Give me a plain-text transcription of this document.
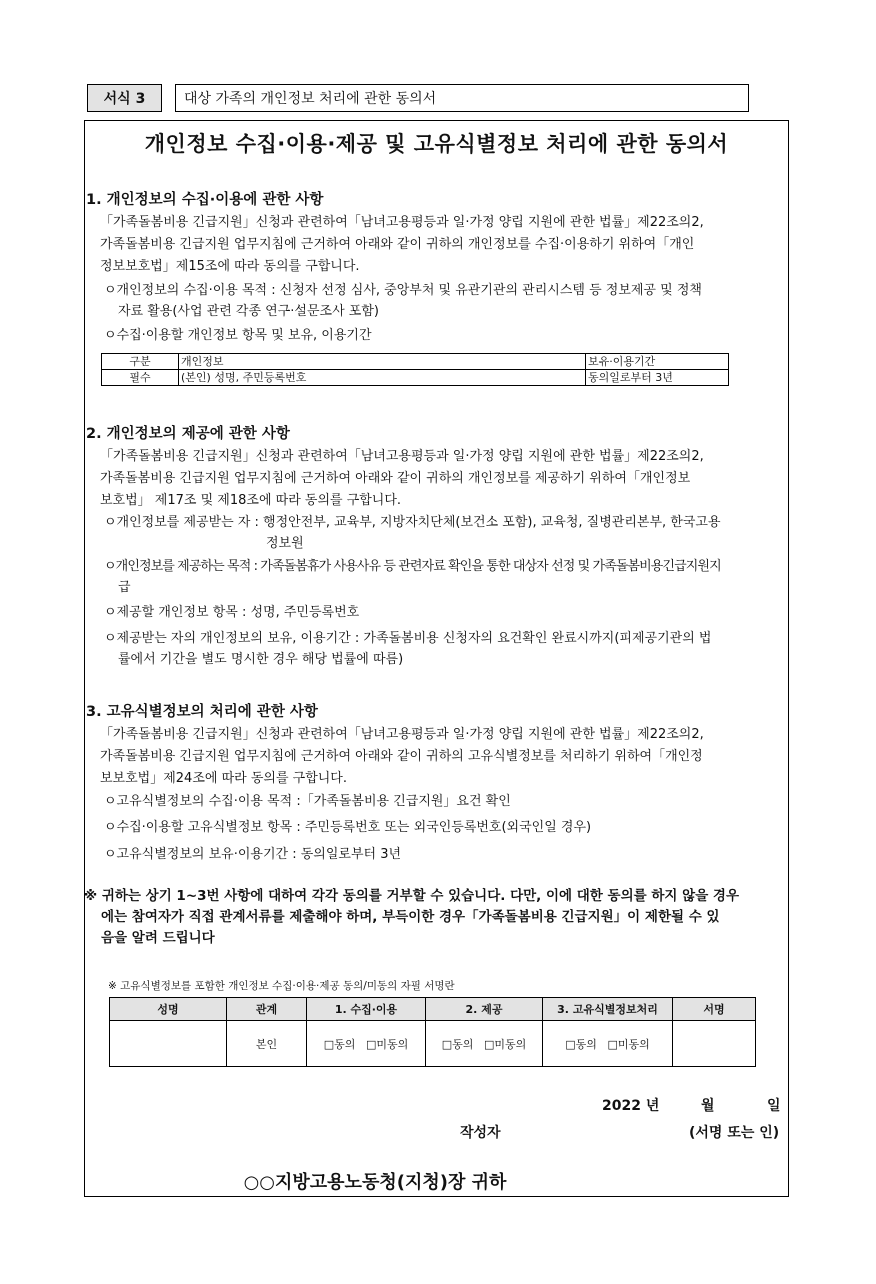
서식 3	대상 가족의 개인정보 처리에 관한 동의서
개인정보 수집·이용·제공 및 고유식별정보 처리에 관한 동의서
1. 개인정보의 수집·이용에 관한 사항
「가족돌봄비용 긴급지원」신청과 관련하여「남녀고용평등과 일·가정 양립 지원에 관한 법률」제22조의2,
가족돌봄비용 긴급지원 업무지침에 근거하여 아래와 같이 귀하의 개인정보를 수집·이용하기 위하여「개인
정보보호법」제15조에 따라 동의를 구합니다.
ㅇ개인정보의 수집·이용 목적 : 신청자 선정 심사, 중앙부처 및 유관기관의 관리시스템 등 정보제공 및 정책
자료 활용(사업 관련 각종 연구·설문조사 포함)
ㅇ수집·이용할 개인정보 항목 및 보유, 이용기간
구분	개인정보	보유·이용기간
필수	(본인) 성명, 주민등록번호	동의일로부터 3년
2. 개인정보의 제공에 관한 사항
「가족돌봄비용 긴급지원」신청과 관련하여「남녀고용평등과 일·가정 양립 지원에 관한 법률」제22조의2,
가족돌봄비용 긴급지원 업무지침에 근거하여 아래와 같이 귀하의 개인정보를 제공하기 위하여「개인정보
보호법」 제17조 및 제18조에 따라 동의를 구합니다.
ㅇ개인정보를 제공받는 자 : 행정안전부, 교육부, 지방자치단체(보건소 포함), 교육청, 질병관리본부, 한국고용
정보원
ㅇ개인정보를 제공하는 목적 : 가족돌봄휴가 사용사유 등 관련자료 확인을 통한 대상자 선정 및 가족돌봄비용긴급지원지
급
ㅇ제공할 개인정보 항목 : 성명, 주민등록번호
ㅇ제공받는 자의 개인정보의 보유, 이용기간 : 가족돌봄비용 신청자의 요건확인 완료시까지(피제공기관의 법
률에서 기간을 별도 명시한 경우 해당 법률에 따름)
3. 고유식별정보의 처리에 관한 사항
「가족돌봄비용 긴급지원」신청과 관련하여「남녀고용평등과 일·가정 양립 지원에 관한 법률」제22조의2,
가족돌봄비용 긴급지원 업무지침에 근거하여 아래와 같이 귀하의 고유식별정보를 처리하기 위하여「개인정
보보호법」제24조에 따라 동의를 구합니다.
ㅇ고유식별정보의 수집·이용 목적 :「가족돌봄비용 긴급지원」요건 확인
ㅇ수집·이용할 고유식별정보 항목 : 주민등록번호 또는 외국인등록번호(외국인일 경우)
ㅇ고유식별정보의 보유·이용기간 : 동의일로부터 3년
※ 귀하는 상기 1~3번 사항에 대하여 각각 동의를 거부할 수 있습니다. 다만, 이에 대한 동의를 하지 않을 경우
에는 참여자가 직접 관계서류를 제출해야 하며, 부득이한 경우「가족돌봄비용 긴급지원」이 제한될 수 있
음을 알려 드립니다
※ 고유식별정보를 포함한 개인정보 수집·이용·제공 동의/미동의 자필 서명란
성명	관계	1. 수집·이용	2. 제공	3. 고유식별정보처리	서명
	본인	□동의 □미동의	□동의 □미동의	□동의 □미동의	
2022 년	월	일
작성자	(서명 또는 인)
○○지방고용노동청(지청)장 귀하
